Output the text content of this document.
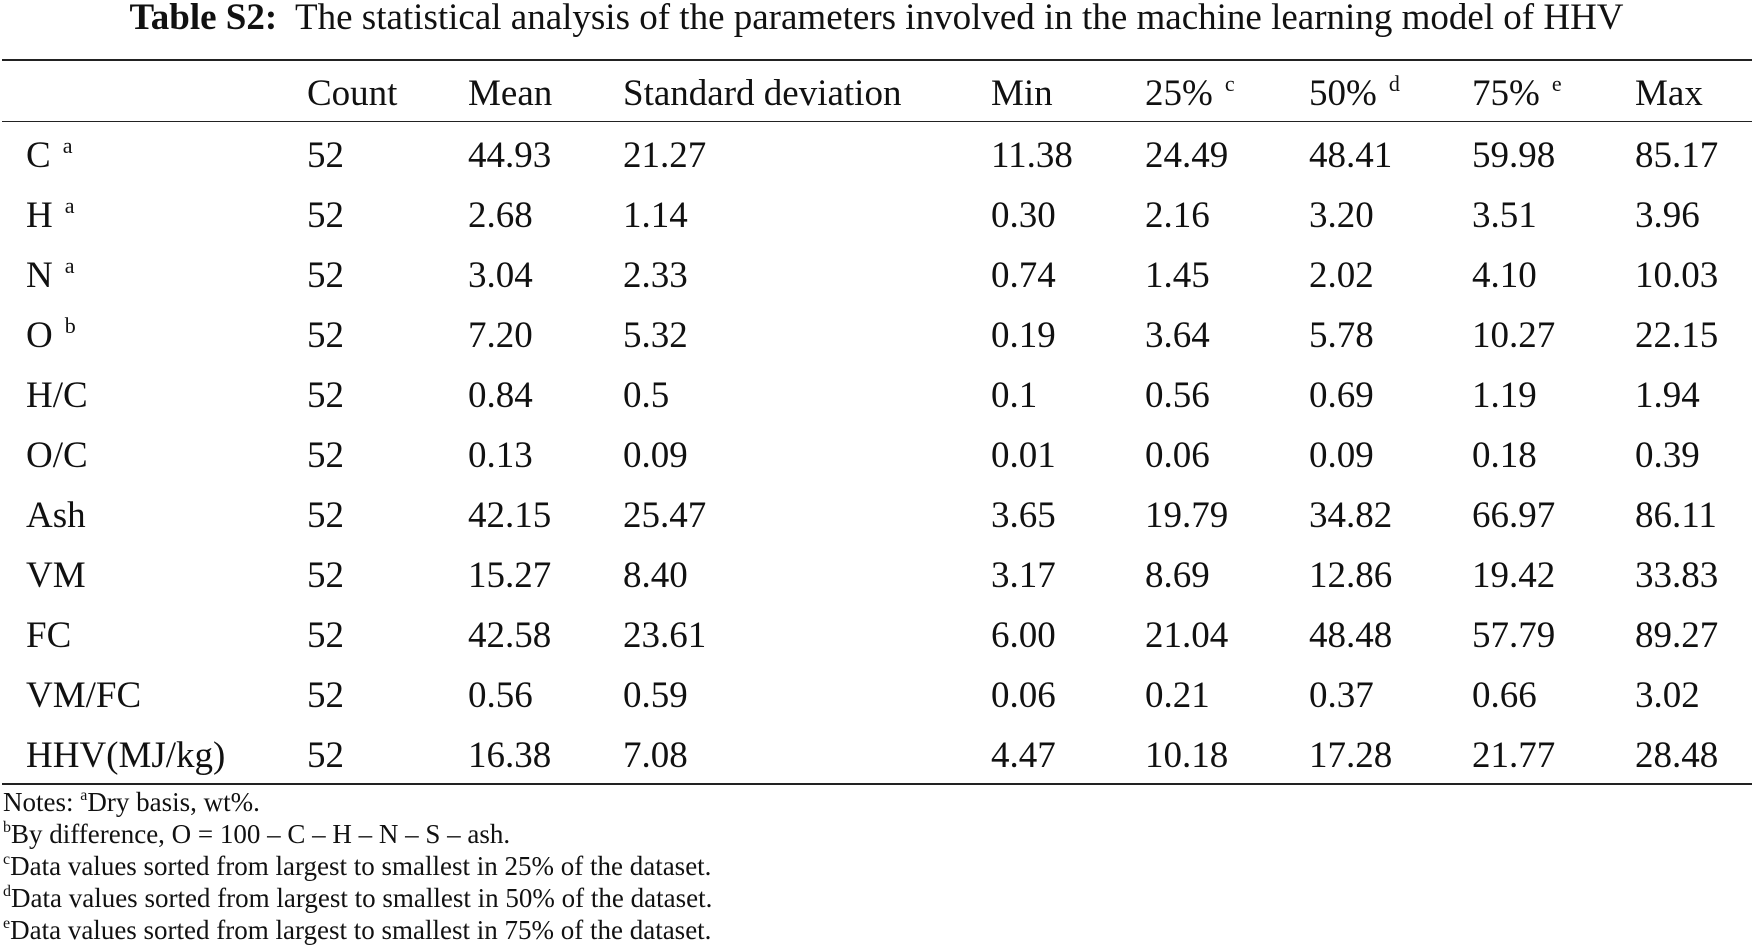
Table S2: The statistical analysis of the parameters involved in the machine learning model of HHV
	Count	Mean	Standard deviation	Min	25% $^c$	50% $^d$	75% $^e$	Max
C $^a$	52	44.93	21.27	11.38	24.49	48.41	59.98	85.17
H $^a$	52	2.68	1.14	0.30	2.16	3.20	3.51	3.96
N $^a$	52	3.04	2.33	0.74	1.45	2.02	4.10	10.03
O $^b$	52	7.20	5.32	0.19	3.64	5.78	10.27	22.15
H/C	52	0.84	0.5	0.1	0.56	0.69	1.19	1.94
O/C	52	0.13	0.09	0.01	0.06	0.09	0.18	0.39
Ash	52	42.15	25.47	3.65	19.79	34.82	66.97	86.11
VM	52	15.27	8.40	3.17	8.69	12.86	19.42	33.83
FC	52	42.58	23.61	6.00	21.04	48.48	57.79	89.27
VM/FC	52	0.56	0.59	0.06	0.21	0.37	0.66	3.02
HHV(MJ/kg)	52	16.38	7.08	4.47	10.18	17.28	21.77	28.48
Notes: $^a$Dry basis, wt%.
$^b$By difference, O = 100 – C – H – N – S – ash.
$^c$Data values sorted from largest to smallest in 25% of the dataset.
$^d$Data values sorted from largest to smallest in 50% of the dataset.
$^e$Data values sorted from largest to smallest in 75% of the dataset.
